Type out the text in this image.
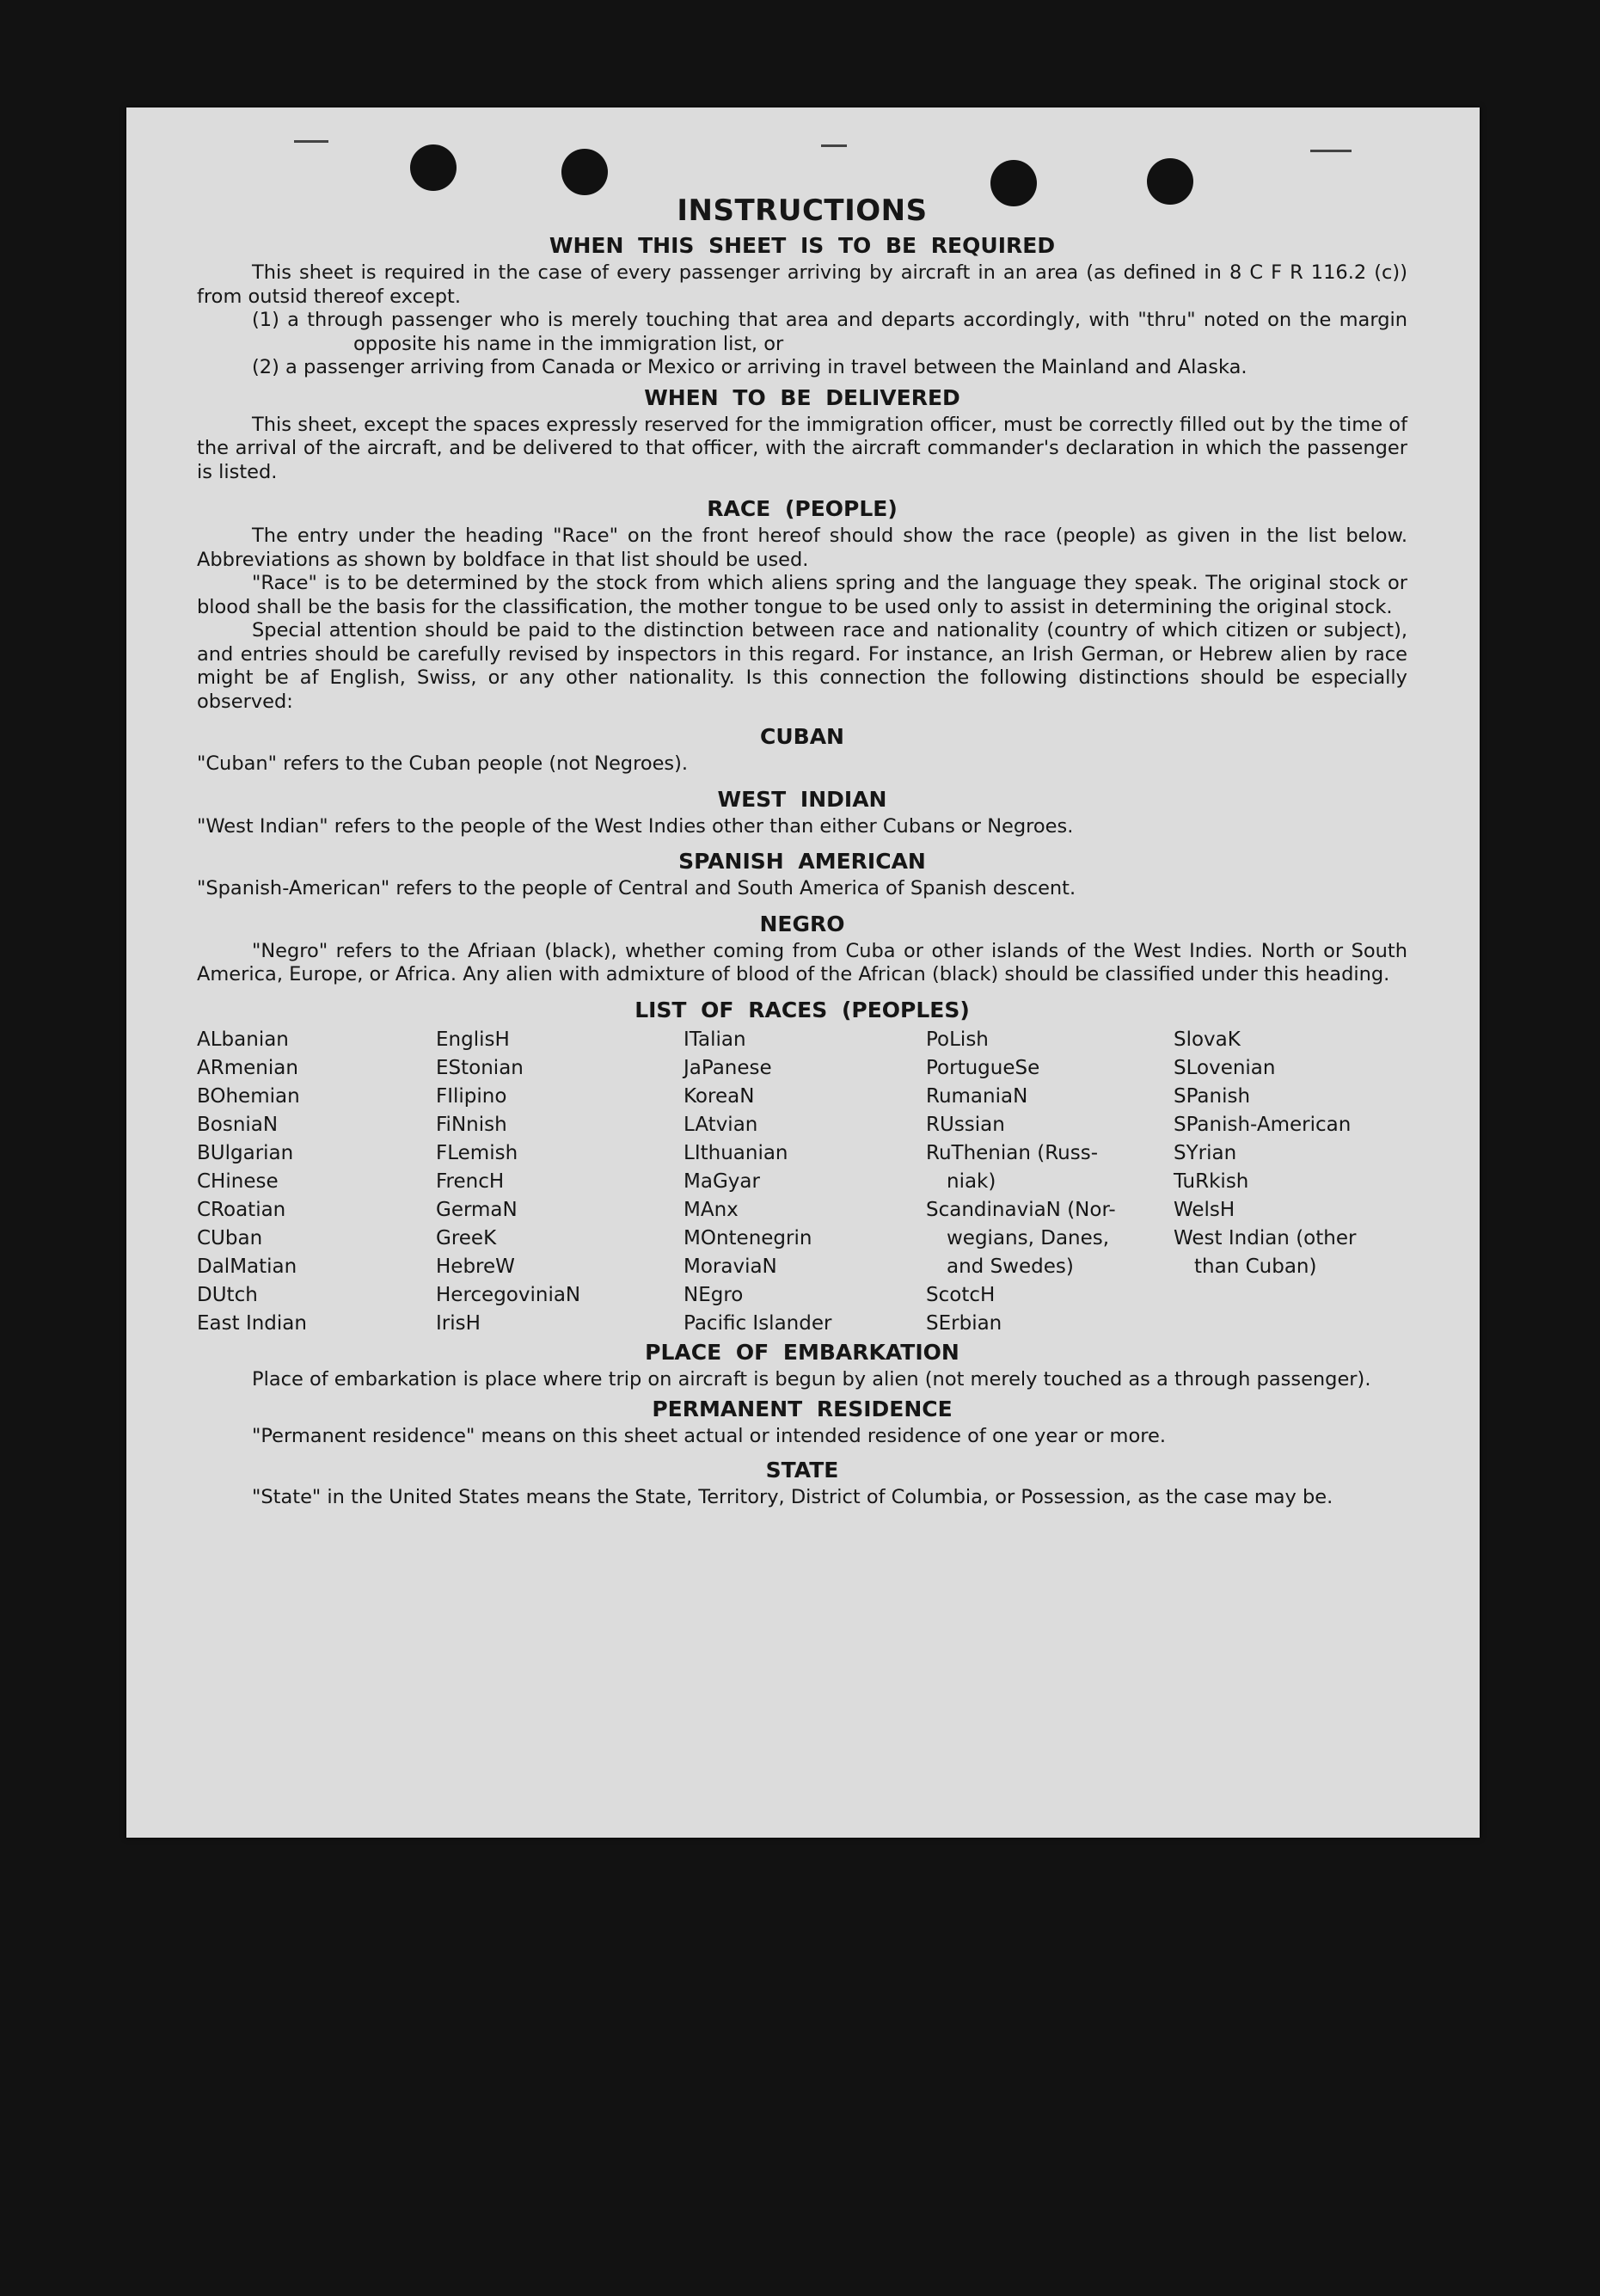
INSTRUCTIONS
WHEN THIS SHEET IS TO BE REQUIRED

This sheet is required in the case of every passenger arriving by aircraft in an area (as defined in 8 C F R 116.2 (c)) from outsid thereof except.

(1) a through passenger who is merely touching that area and departs accordingly, with "thru" noted on the margin opposite his name in the immigration list, or

(2) a passenger arriving from Canada or Mexico or arriving in travel between the Mainland and Alaska.

WHEN TO BE DELIVERED

This sheet, except the spaces expressly reserved for the immigration officer, must be correctly filled out by the time of the arrival of the aircraft, and be delivered to that officer, with the aircraft commander's declaration in which the passenger is listed.

RACE (PEOPLE)

The entry under the heading "Race" on the front hereof should show the race (people) as given in the list below. Abbreviations as shown by boldface in that list should be used.

"Race" is to be determined by the stock from which aliens spring and the language they speak. The original stock or blood shall be the basis for the classification, the mother tongue to be used only to assist in determining the original stock.

Special attention should be paid to the distinction between race and nationality (country of which citizen or subject), and entries should be carefully revised by inspectors in this regard. For instance, an Irish German, or Hebrew alien by race might be af English, Swiss, or any other nationality. Is this connection the following distinctions should be especially observed:

CUBAN

"Cuban" refers to the Cuban people (not Negroes).

WEST INDIAN

"West Indian" refers to the people of the West Indies other than either Cubans or Negroes.

SPANISH AMERICAN

"Spanish-American" refers to the people of Central and South America of Spanish descent.

NEGRO

"Negro" refers to the Afriaan (black), whether coming from Cuba or other islands of the West Indies. North or South America, Europe, or Africa. Any alien with admixture of blood of the African (black) should be classified under this heading.

LIST OF RACES (PEOPLES)
ALbanian
ARmenian
BOhemian
BosniaN
BUlgarian
CHinese
CRoatian
CUban
DalMatian
DUtch
East Indian
EnglisH
EStonian
FIlipino
FiNnish
FLemish
FrencH
GermaN
GreeK
HebreW
HercegoviniaN
IrisH
ITalian
JaPanese
KoreaN
LAtvian
LIthuanian
MaGyar
MAnx
MOntenegrin
MoraviaN
NEgro
Pacific Islander
PoLish
PortugueSe
RumaniaN
RUssian
RuThenian (Russ-
niak)
ScandinaviaN (Nor-
wegians, Danes,
and Swedes)
ScotcH
SErbian
SlovaK
SLovenian
SPanish
SPanish-American
SYrian
TuRkish
WelsH
West Indian (other
than Cuban)
PLACE OF EMBARKATION

Place of embarkation is place where trip on aircraft is begun by alien (not merely touched as a through passenger).

PERMANENT RESIDENCE

"Permanent residence" means on this sheet actual or intended residence of one year or more.

STATE

"State" in the United States means the State, Territory, District of Columbia, or Possession, as the case may be.
